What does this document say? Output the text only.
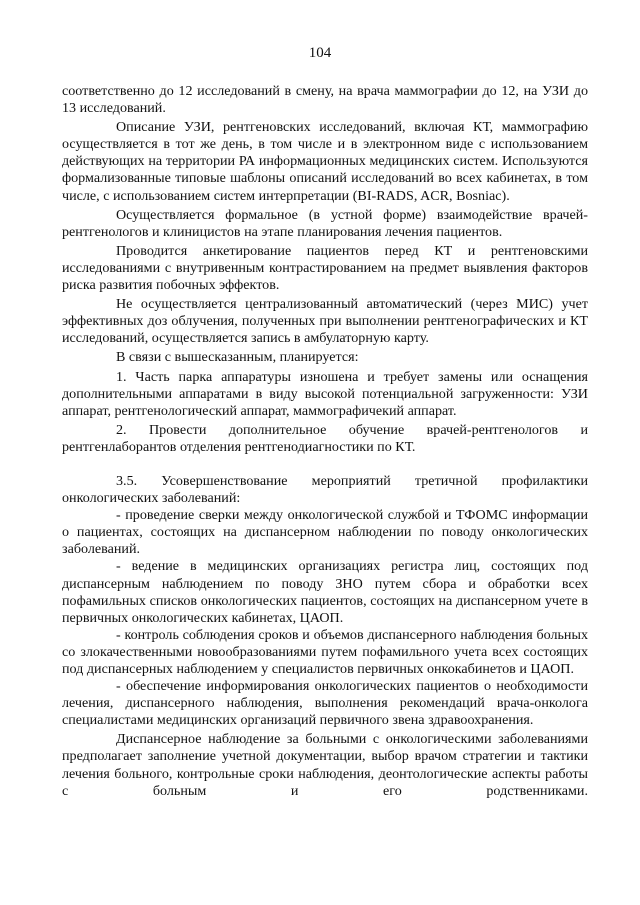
104

соответственно до 12 исследований в смену, на врача маммографии до 12, на УЗИ до 13 исследований.

Описание УЗИ, рентгеновских исследований, включая КТ, маммографию осуществляется в тот же день, в том числе и в электронном виде с использованием действующих на территории РА информационных медицинских систем. Используются формализованные типовые шаблоны описаний исследований во всех кабинетах, в том числе, с использованием систем интерпретации (BI-RADS, ACR, Bosniac).

Осуществляется формальное (в устной форме) взаимодействие врачей-рентгенологов и клиницистов на этапе планирования лечения пациентов.

Проводится анкетирование пациентов перед КТ и рентгеновскими исследованиями с внутривенным контрастированием на предмет выявления факторов риска развития побочных эффектов.

Не осуществляется централизованный автоматический (через МИС) учет эффективных доз облучения, полученных при выполнении рентгенографических и КТ исследований, осуществляется запись в амбулаторную карту.

В связи с вышесказанным, планируется:

1. Часть парка аппаратуры изношена и требует замены или оснащения дополнительными аппаратами в виду высокой потенциальной загруженности: УЗИ аппарат, рентгенологический аппарат, маммографичекий аппарат.

2. Провести дополнительное обучение врачей-рентгенологов и рентгенлаборантов отделения рентгенодиагностики по КТ.

3.5. Усовершенствование мероприятий третичной профилактики онкологических заболеваний:

- проведение сверки между онкологической службой и ТФОМС информации о пациентах, состоящих на диспансерном наблюдении по поводу онкологических заболеваний.

- ведение в медицинских организациях регистра лиц, состоящих под диспансерным наблюдением по поводу ЗНО путем сбора и обработки всех пофамильных списков онкологических пациентов, состоящих на диспансерном учете в первичных онкологических кабинетах, ЦАОП.

- контроль соблюдения сроков и объемов диспансерного наблюдения больных со злокачественными новообразованиями путем пофамильного учета всех состоящих под диспансерных наблюдением у специалистов первичных онкокабинетов и ЦАОП.

- обеспечение информирования онкологических пациентов о необходимости лечения, диспансерного наблюдения, выполнения рекомендаций врача-онколога специалистами медицинских организаций первичного звена здравоохранения.

Диспансерное наблюдение за больными с онкологическими заболеваниями предполагает заполнение учетной документации, выбор врачом стратегии и тактики лечения больного, контрольные сроки наблюдения, деонтологические аспекты работы с больным и его родственниками.
